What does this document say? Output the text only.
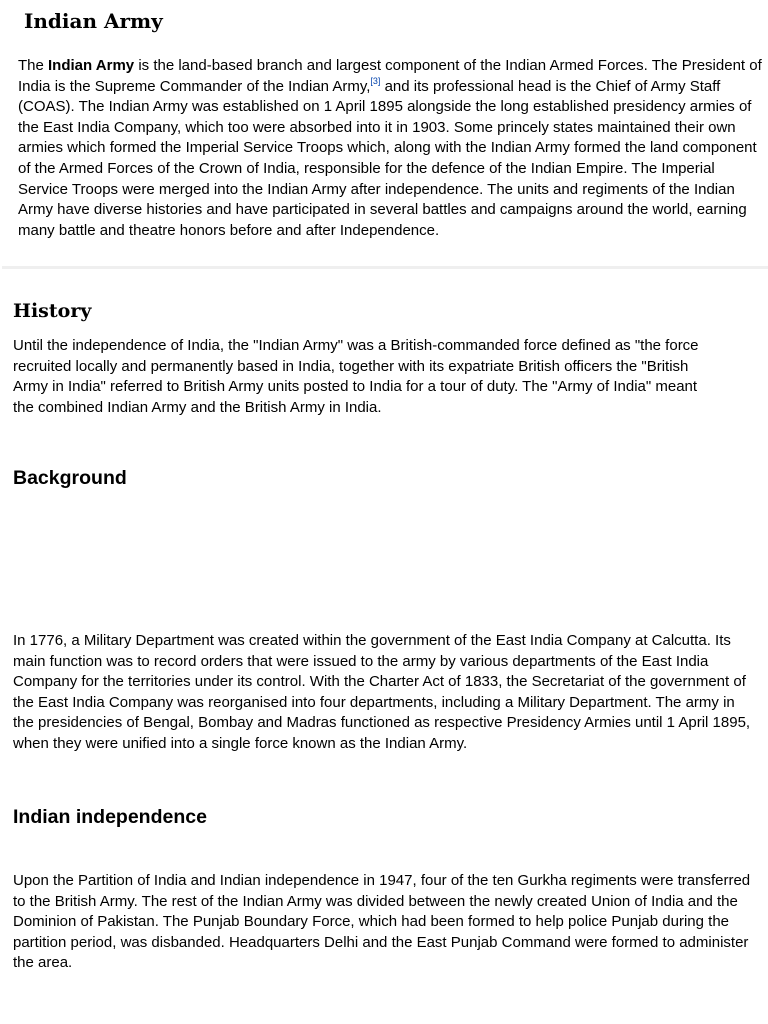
Indian Army

The Indian Army is the land-based branch and largest component of the Indian Armed Forces. The President of India is the Supreme Commander of the Indian Army,[3] and its professional head is the Chief of Army Staff (COAS). The Indian Army was established on 1 April 1895 alongside the long established presidency armies of the East India Company, which too were absorbed into it in 1903. Some princely states maintained their own armies which formed the Imperial Service Troops which, along with the Indian Army formed the land component of the Armed Forces of the Crown of India, responsible for the defence of the Indian Empire. The Imperial Service Troops were merged into the Indian Army after independence. The units and regiments of the Indian Army have diverse histories and have participated in several battles and campaigns around the world, earning many battle and theatre honors before and after Independence.

History

Until the independence of India, the "Indian Army" was a British-commanded force defined as "the force recruited locally and permanently based in India, together with its expatriate British officers the "British Army in India" referred to British Army units posted to India for a tour of duty. The "Army of India" meant the combined Indian Army and the British Army in India.

Background

In 1776, a Military Department was created within the government of the East India Company at Calcutta. Its main function was to record orders that were issued to the army by various departments of the East India Company for the territories under its control. With the Charter Act of 1833, the Secretariat of the government of the East India Company was reorganised into four departments, including a Military Department. The army in the presidencies of Bengal, Bombay and Madras functioned as respective Presidency Armies until 1 April 1895, when they were unified into a single force known as the Indian Army.

Indian independence

Upon the Partition of India and Indian independence in 1947, four of the ten Gurkha regiments were transferred to the British Army. The rest of the Indian Army was divided between the newly created Union of India and the Dominion of Pakistan. The Punjab Boundary Force, which had been formed to help police Punjab during the partition period, was disbanded. Headquarters Delhi and the East Punjab Command were formed to administer the area.
